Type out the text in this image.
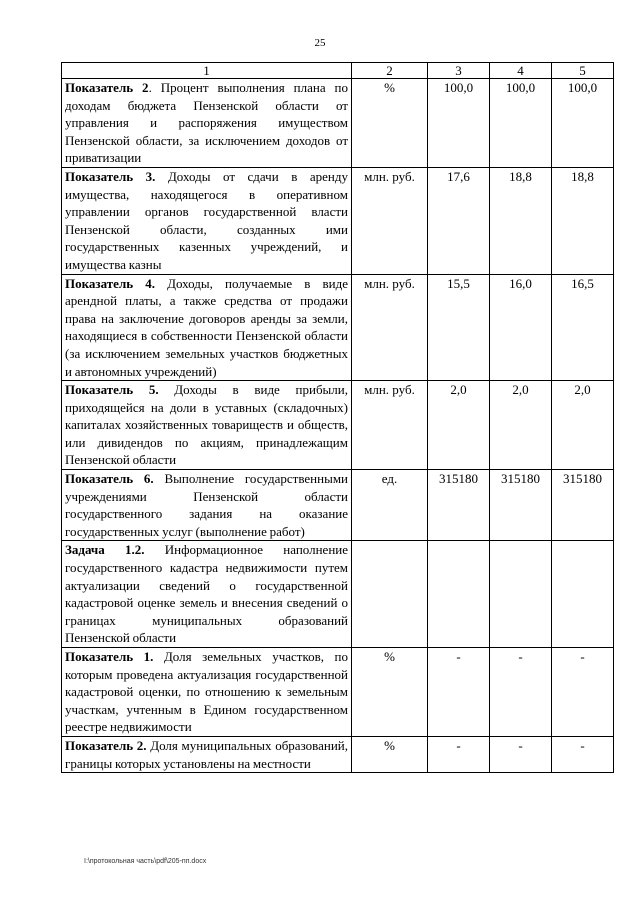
25
1	2	3	4	5
Показатель 2. Процент выполнения плана по доходам бюджета Пензенской области от управления и распоряжения имуществом Пензенской области, за исключением доходов от приватизации	%	100,0	100,0	100,0
Показатель 3. Доходы от сдачи в аренду имущества, находящегося в оперативном управлении органов государственной власти Пензенской области, созданных ими государственных казенных учреждений, и имущества казны	млн. руб.	17,6	18,8	18,8
Показатель 4. Доходы, получаемые в виде арендной платы, а также средства от продажи права на заключение договоров аренды за земли, находящиеся в собственности Пензенской области (за исключением земельных участков бюджетных и автономных учреждений)	млн. руб.	15,5	16,0	16,5
Показатель 5. Доходы в виде прибыли, приходящейся на доли в уставных (складочных) капиталах хозяйственных товариществ и обществ, или дивидендов по акциям, принадлежащим Пензенской области	млн. руб.	2,0	2,0	2,0
Показатель 6. Выполнение государственными учреждениями Пензенской области государственного задания на оказание государственных услуг (выполнение работ)	ед.	315180	315180	315180
Задача 1.2. Информационное наполнение государственного кадастра недвижимости путем актуализации сведений о государственной кадастровой оценке земель и внесения сведений о границах муниципальных образований Пензенской области				
Показатель 1. Доля земельных участков, по которым проведена актуализация государственной кадастровой оценки, по отношению к земельным участкам, учтенным в Едином государственном реестре недвижимости	%	-	-	-
Показатель 2. Доля муниципальных образований, границы которых установлены на местности	%	-	-	-
I:\протокольная часть\pdf\205-пп.docx
